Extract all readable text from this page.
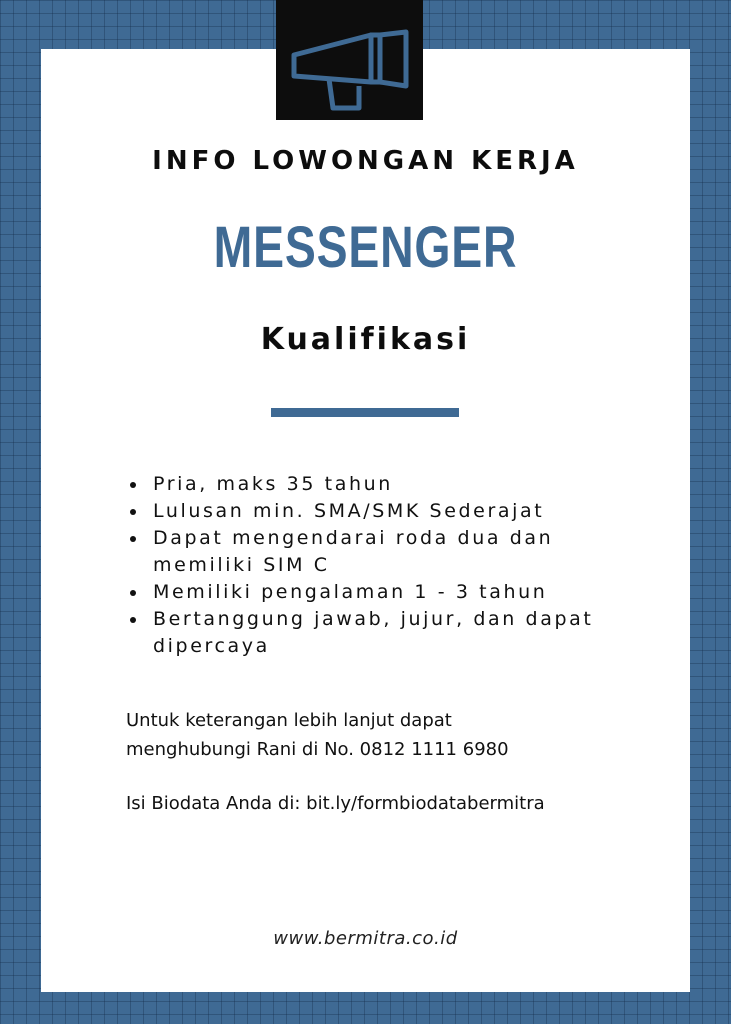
INFO LOWONGAN KERJA
MESSENGER
Kualifikasi
Pria, maks 35 tahun
Lulusan min. SMA/SMK Sederajat
Dapat mengendarai roda dua dan memiliki SIM C
Memiliki pengalaman 1 - 3 tahun
Bertanggung jawab, jujur, dan dapat dipercaya

Untuk keterangan lebih lanjut dapat

menghubungi Rani di No. 0812 1111 6980

Isi Biodata Anda di: bit.ly/formbiodatabermitra
www.bermitra.co.id
